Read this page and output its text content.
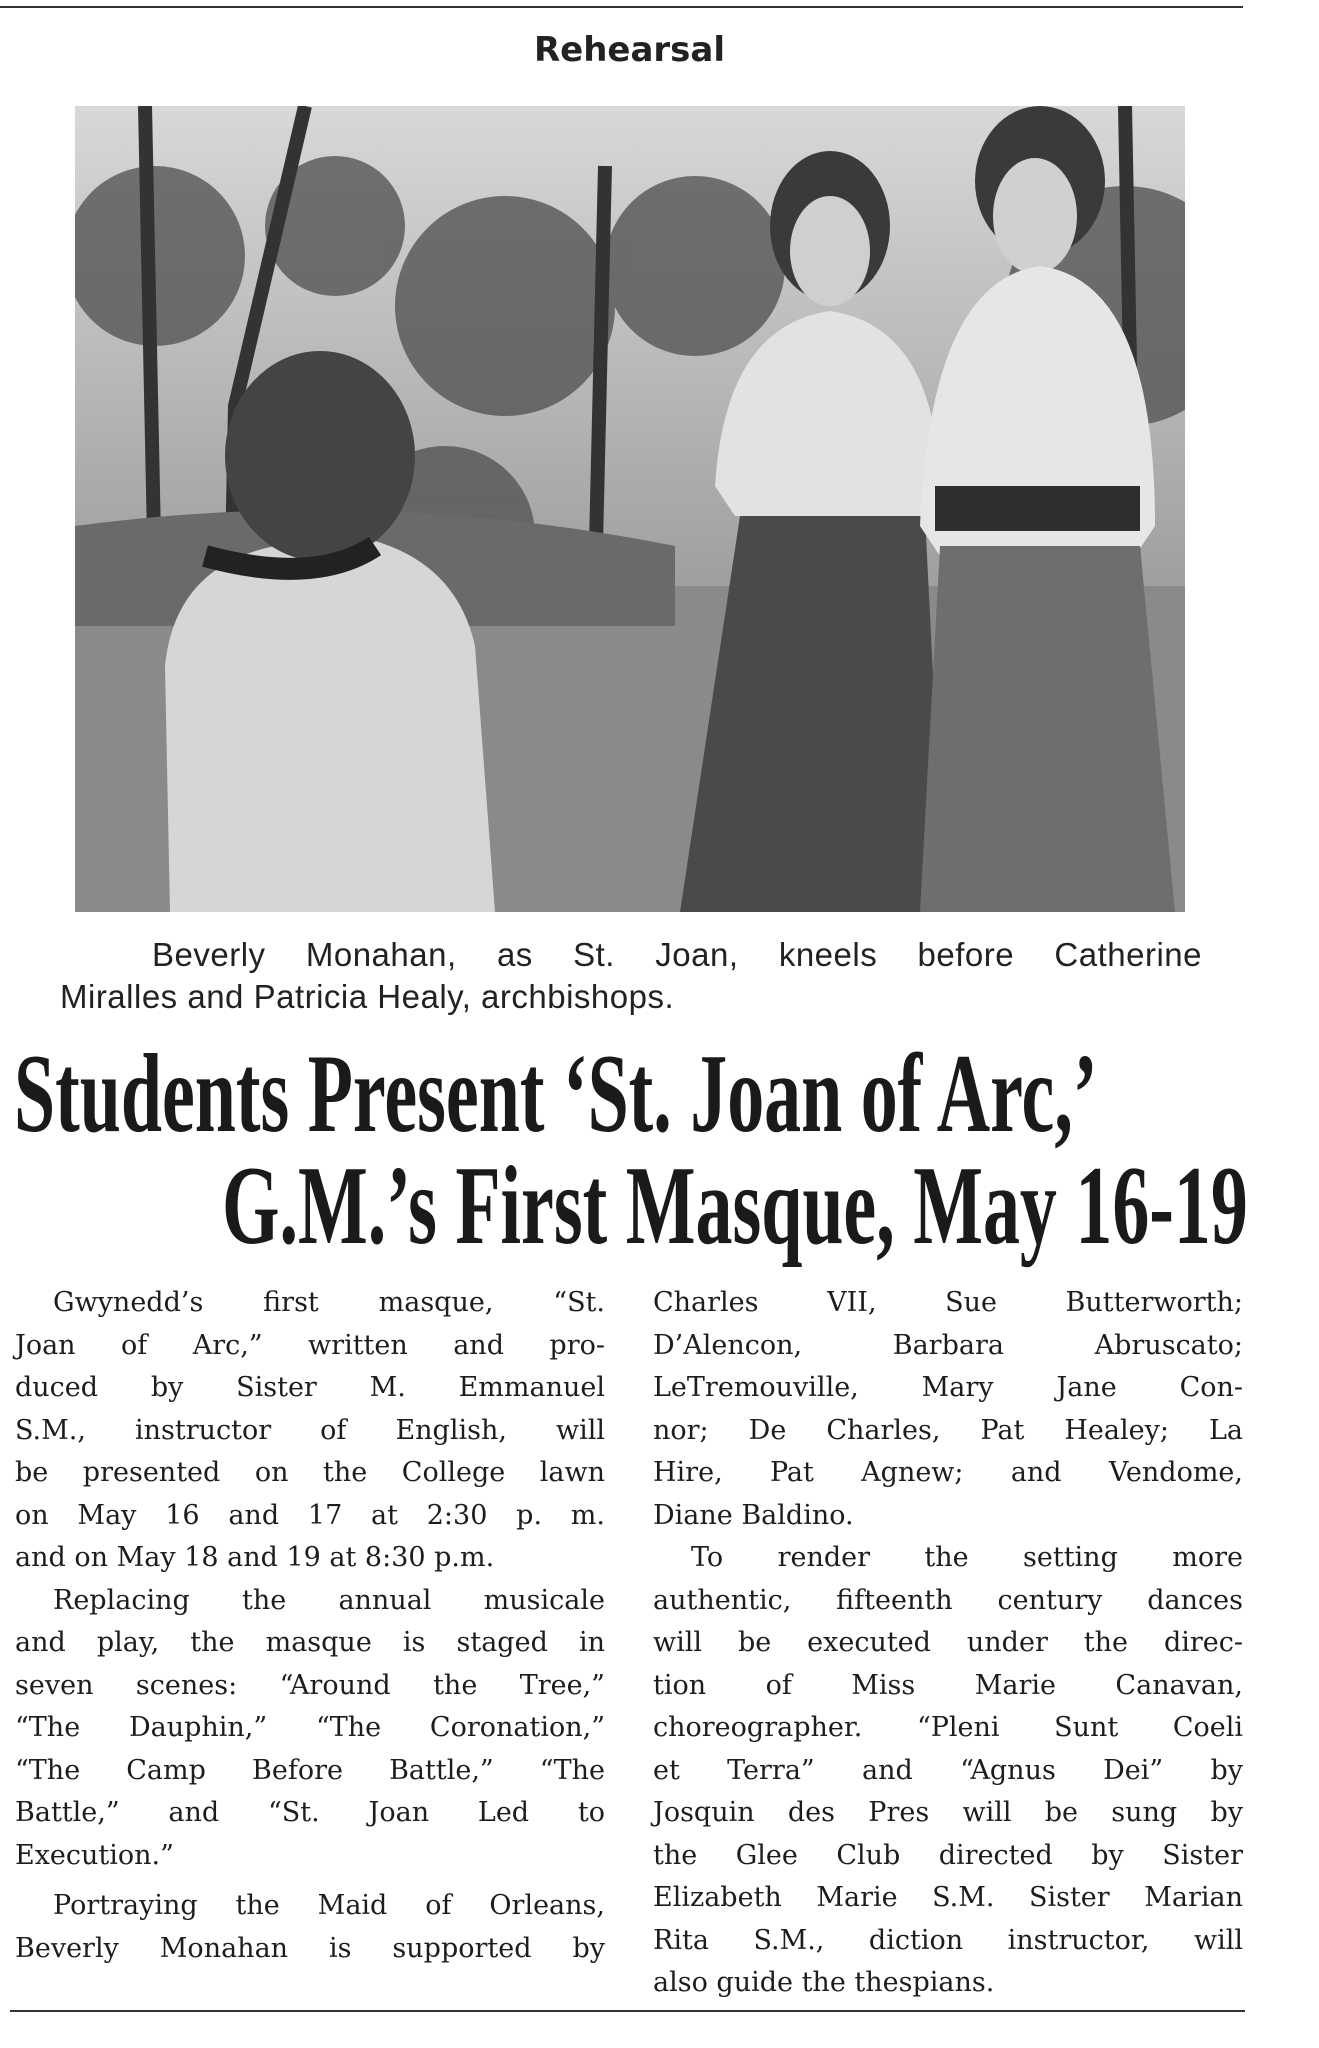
Rehearsal
Beverly Monahan, as St. Joan, kneels before Catherine
Miralles and Patricia Healy, archbishops.
Students Present ‘St. Joan of Arc,’
G.M.’s First Masque, May 16-19
Gwynedd’s first masque, “St.
Joan of Arc,” written and pro-
duced by Sister M. Emmanuel
S.M., instructor of English, will
be presented on the College lawn
on May 16 and 17 at 2:30 p. m.
and on May 18 and 19 at 8:30 p.m.
Replacing the annual musicale
and play, the masque is staged in
seven scenes: “Around the Tree,”
“The Dauphin,” “The Coronation,”
“The Camp Before Battle,” “The
Battle,” and “St. Joan Led to
Execution.”
Portraying the Maid of Orleans,
Beverly Monahan is supported by
Charles VII, Sue Butterworth;
D’Alencon, Barbara Abruscato;
LeTremouville, Mary Jane Con-
nor; De Charles, Pat Healey; La
Hire, Pat Agnew; and Vendome,
Diane Baldino.
To render the setting more
authentic, fifteenth century dances
will be executed under the direc-
tion of Miss Marie Canavan,
choreographer. “Pleni Sunt Coeli
et Terra” and “Agnus Dei” by
Josquin des Pres will be sung by
the Glee Club directed by Sister
Elizabeth Marie S.M. Sister Marian
Rita S.M., diction instructor, will
also guide the thespians.
